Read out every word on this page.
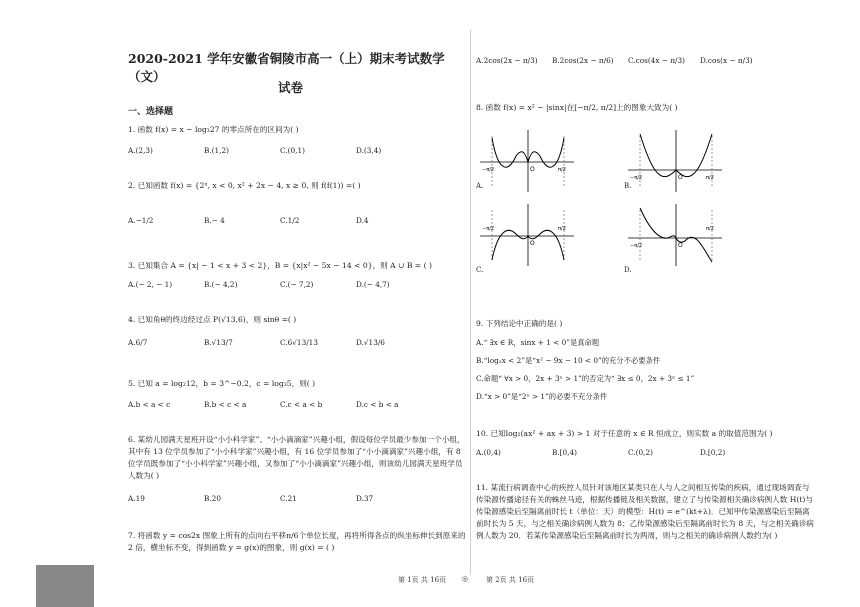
2020-2021 学年安徽省铜陵市高一（上）期末考试数学（文）
试卷
一、选择题
1. 函数 f(x) = x − log₃27 的零点所在的区间为( )
A.(2,3)	B.(1,2)	C.(0,1)	D.(3,4)
2. 已知函数 f(x) = {2ˣ, x < 0, x² + 2x − 4, x ≥ 0, 则 f(f(1)) =( )
A.−1/2	B.− 4	C.1/2	D.4
3. 已知集合 A = {x| − 1 < x + 3 < 2}，B = {x|x² − 5x − 14 < 0}，则 A ∪ B = ( )
A.(− 2, − 1)	B.(− 4,2)	C.(− 7,2)	D.(− 4,7)
4. 已知角θ的终边经过点 P(√13,6)，则 sinθ =( )
A.6/7	B.√13/7	C.6√13/13	D.√13/6
5. 已知 a = log₂12，b = 3^−0.2，c = log₃5，则( )
A.b < a < c	B.b < c < a	C.c < a < b	D.c < b < a
6. 某幼儿园满天星班开设“小小科学家”、“小小滴滴家”兴趣小组，假设每位学员最少参加一个小组，其中有 13 位学员参加了“小小科学家”兴趣小组，有 16 位学员参加了“小小滴滴家”兴趣小组，有 8 位学员既参加了“小小科学家”兴趣小组，又参加了“小小滴滴家”兴趣小组，则该幼儿园满天星班学员人数为( )
A.19	B.20	C.21	D.37
7. 将函数 y = cos2x 图象上所有的点向右平移π/6个单位长度，再将所得各点的纵坐标伸长到原来的 2 倍，横坐标不变，得到函数 y = g(x)的图象，则 g(x) = ( )
A.2cos(2x − π/3) B.2cos(2x − π/6) C.cos(4x − π/3) D.cos(x − π/3)
8. 函数 f(x) = x² − |sinx|在[−π/2, π/2]上的图象大致为( )
O
−π/2	π/2
A.
O
−π/2	π/2
B.
O
−π/2	π/2
C.
O
−π/2
π/2
D.
9. 下列结论中正确的是( )
A.“ ∃x ∈ R，sinx + 1 < 0”是真命题
B.“log₃x < 2”是“x² − 9x − 10 < 0”的充分不必要条件
C.命题“ ∀x > 0，2x + 3ˣ > 1”的否定为“ ∃x ≤ 0，2x + 3ˣ ≤ 1”
D.“x > 0”是“2ˣ > 1”的必要不充分条件
10. 已知log₂(ax² + ax + 3) > 1 对于任意的 x ∈ R 恒成立，则实数 a 的取值范围为( )
A.(0,4)	B.[0,4)	C.(0,2)	D.[0,2)
11. 某流行病调查中心的疾控人员针对该地区某类只在人与人之间相互传染的疾病，通过现场调查与传染源传播途径有关的蛛丝马迹，根据传播链及相关数据，建立了与传染源相关确诊病例人数 H(t)与传染源感染后至隔离前时长 t（单位：天）的模型：H(t) = e^(kt+λ)．已知甲传染源感染后至隔离前时长为 5 天，与之相关确诊病例人数为 8；乙传染源感染后至隔离前时长为 8 天，与之相关确诊病例人数为 20．若某传染源感染后至隔离前时长为两周，则与之相关的确诊病例人数约为( )
第 1页 共 16页 ◎	第 2页 共 16页
